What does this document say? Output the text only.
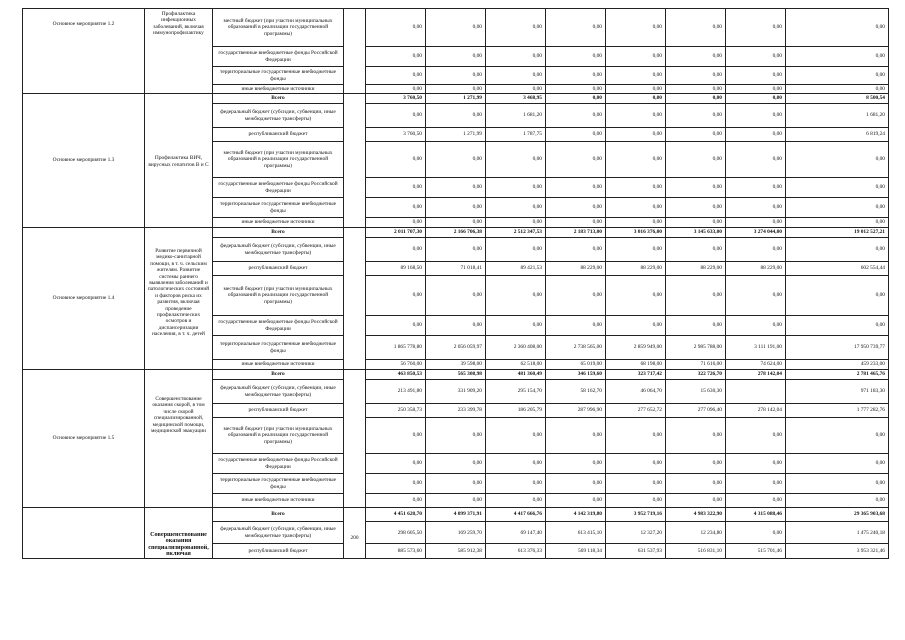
Основное мероприятие 1.2	Профилактика инфекционных заболеваний, включая иммунопрофилактику	местный бюджет (при участии муниципальных образований в реализации государственной программы)		0,00	0,00	0,00	0,00	0,00	0,00	0,00	0,00
		государственные внебюджетные фонды Российской Федерации		0,00	0,00	0,00	0,00	0,00	0,00	0,00	0,00
		территориальные государственные внебюджетные фонды		0,00	0,00	0,00	0,00	0,00	0,00	0,00	0,00
		иные внебюджетные источники		0,00	0,00	0,00	0,00	0,00	0,00	0,00	0,00
Основное мероприятие 1.3	Профилактика ВИЧ, вирусных гепатитов В и С	Всего		3 760,50	1 271,99	3 468,95	0,00	0,00	0,00	0,00	8 500,54
		федеральный бюджет (субсидии, субвенции, иные межбюджетные трансферты)		0,00	0,00	1 681,20	0,00	0,00	0,00	0,00	1 681,20
		республиканский бюджет		3 760,50	1 271,99	1 787,75	0,00	0,00	0,00	0,00	6 819,24
		местный бюджет (при участии муниципальных образований в реализации государственной программы)		0,00	0,00	0,00	0,00	0,00	0,00	0,00	0,00
		государственные внебюджетные фонды Российской Федерации		0,00	0,00	0,00	0,00	0,00	0,00	0,00	0,00
		территориальные государственные внебюджетные фонды		0,00	0,00	0,00	0,00	0,00	0,00	0,00	0,00
		иные внебюджетные источники		0,00	0,00	0,00	0,00	0,00	0,00	0,00	0,00
Основное мероприятие 1.4	Развитие первичной медико-санитарной помощи, в т. ч. сельским жителям. Развитие системы раннего выявления заболеваний и патологических состояний и факторов риска их развития, включая проведение профилактических осмотров и диспансеризации населения, в т. ч. детей	Всего		2 011 707,30	2 166 706,38	2 512 347,53	2 183 713,00	3 016 376,00	3 145 633,00	3 274 044,00	19 012 527,21
		федеральный бюджет (субсидии, субвенции, иные межбюджетные трансферты)		0,00	0,00	0,00	0,00	0,00	0,00	0,00	0,00
		республиканский бюджет		89 168,50	71 018,41	89 421,53	88 229,00	88 229,00	88 229,00	88 229,00	602 554,44
		местный бюджет (при участии муниципальных образований в реализации государственной программы)		0,00	0,00	0,00	0,00	0,00	0,00	0,00	0,00
		государственные внебюджетные фонды Российской Федерации		0,00	0,00	0,00	0,00	0,00	0,00	0,00	0,00
		территориальные государственные внебюджетные фонды		1 865 778,80	2 056 059,97	2 360 408,00	2 738 565,00	2 859 949,00	2 985 788,00	3 111 191,00	17 950 739,77
		иные внебюджетные источники		56 760,00	39 598,00	62 518,00	65 019,00	68 198,00	71 616,00	74 624,00	459 233,00
Основное мероприятие 1.5	Совершенствование оказания скорой, в том числе скорой специализированной, медицинской помощи, медицинской эвакуации	Всего		463 850,53	565 308,98	481 360,49	346 159,60	323 717,42	322 726,70	278 142,04	2 781 465,76
		федеральный бюджет (субсидии, субвенции, иные межбюджетные трансферты)		213 491,80	331 909,20	295 154,70	58 162,70	46 064,70	15 630,30		971 183,30
		республиканский бюджет		250 358,73	233 399,78	186 205,79	287 996,90	277 652,72	277 096,40	278 142,04	1 777 282,76
		местный бюджет (при участии муниципальных образований в реализации государственной программы)		0,00	0,00	0,00	0,00	0,00	0,00	0,00	0,00
		государственные внебюджетные фонды Российской Федерации		0,00	0,00	0,00	0,00	0,00	0,00	0,00	0,00
		территориальные государственные внебюджетные фонды		0,00	0,00	0,00	0,00	0,00	0,00	0,00	0,00
		иные внебюджетные источники		0,00	0,00	0,00	0,00	0,00	0,00	0,00	0,00
	Совершенствование оказания специализированной, включая	Всего	200	4 451 620,70	4 099 371,91	4 417 666,76	4 142 319,80	3 952 719,16	4 983 322,90	4 315 088,46	29 365 903,68
		федеральный бюджет (субсидии, субвенции, иные межбюджетные трансферты)		298 605,50	169 259,70	69 147,40	613 415,10	12 327,20	12 234,80	0,00	1 475 240,18
		республиканский бюджет		885 573,60	585 912,38	613 376,33	569 118,34	631 537,93	516 831,10	515 701,46	3 953 321,46
